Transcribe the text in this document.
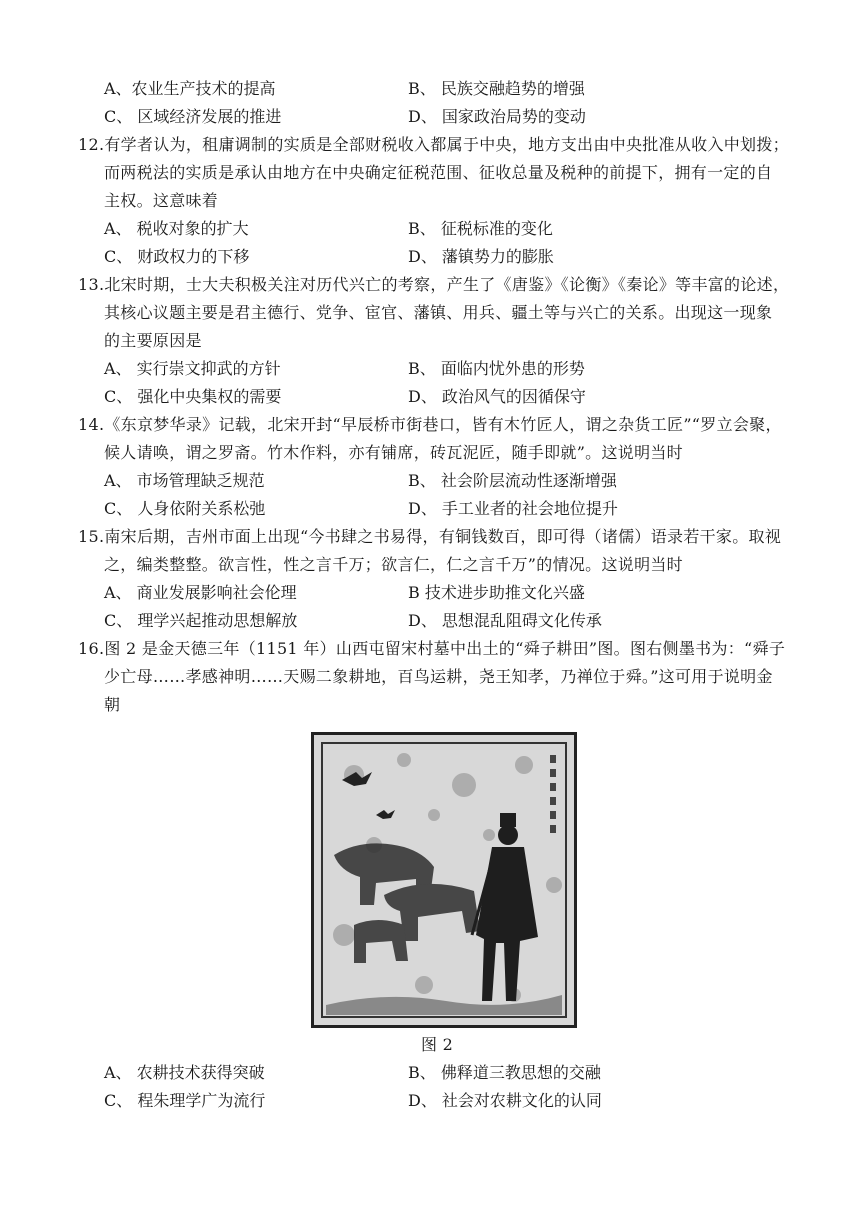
A、农业生产技术的提高	B、 民族交融趋势的增强
C、 区域经济发展的推进	D、 国家政治局势的变动
12.有学者认为，租庸调制的实质是全部财税收入都属于中央，地方支出由中央批准从收入中划拨；
而两税法的实质是承认由地方在中央确定征税范围、征收总量及税种的前提下，拥有一定的自
主权。这意味着
A、 税收对象的扩大	B、 征税标准的变化
C、 财政权力的下移	D、 藩镇势力的膨胀
13.北宋时期，士大夫积极关注对历代兴亡的考察，产生了《唐鉴》《论衡》《秦论》等丰富的论述，
其核心议题主要是君主德行、党争、宦官、藩镇、用兵、疆土等与兴亡的关系。出现这一现象
的主要原因是
A、 实行崇文抑武的方针	B、 面临内忧外患的形势
C、 强化中央集权的需要	D、 政治风气的因循保守
14.《东京梦华录》记载，北宋开封“早辰桥市街巷口，皆有木竹匠人，谓之杂货工匠”“罗立会聚，
候人请唤，谓之罗斋。竹木作料，亦有铺席，砖瓦泥匠，随手即就”。这说明当时
A、 市场管理缺乏规范	B、 社会阶层流动性逐渐增强
C、 人身依附关系松弛	D、 手工业者的社会地位提升
15.南宋后期，吉州市面上出现“今书肆之书易得，有铜钱数百，即可得（诸儒）语录若干家。取视
之，编类整整。欲言性，性之言千万；欲言仁，仁之言千万”的情况。这说明当时
A、 商业发展影响社会伦理	B 技术进步助推文化兴盛
C、 理学兴起推动思想解放	D、 思想混乱阻碍文化传承
16.图 2 是金天德三年（1151 年）山西屯留宋村墓中出土的“舜子耕田”图。图右侧墨书为：“舜子
少亡母……孝感神明……天赐二象耕地，百鸟运耕，尧王知孝，乃禅位于舜。”这可用于说明金
朝
图 2
A、 农耕技术获得突破	B、 佛释道三教思想的交融
C、 程朱理学广为流行	D、 社会对农耕文化的认同
